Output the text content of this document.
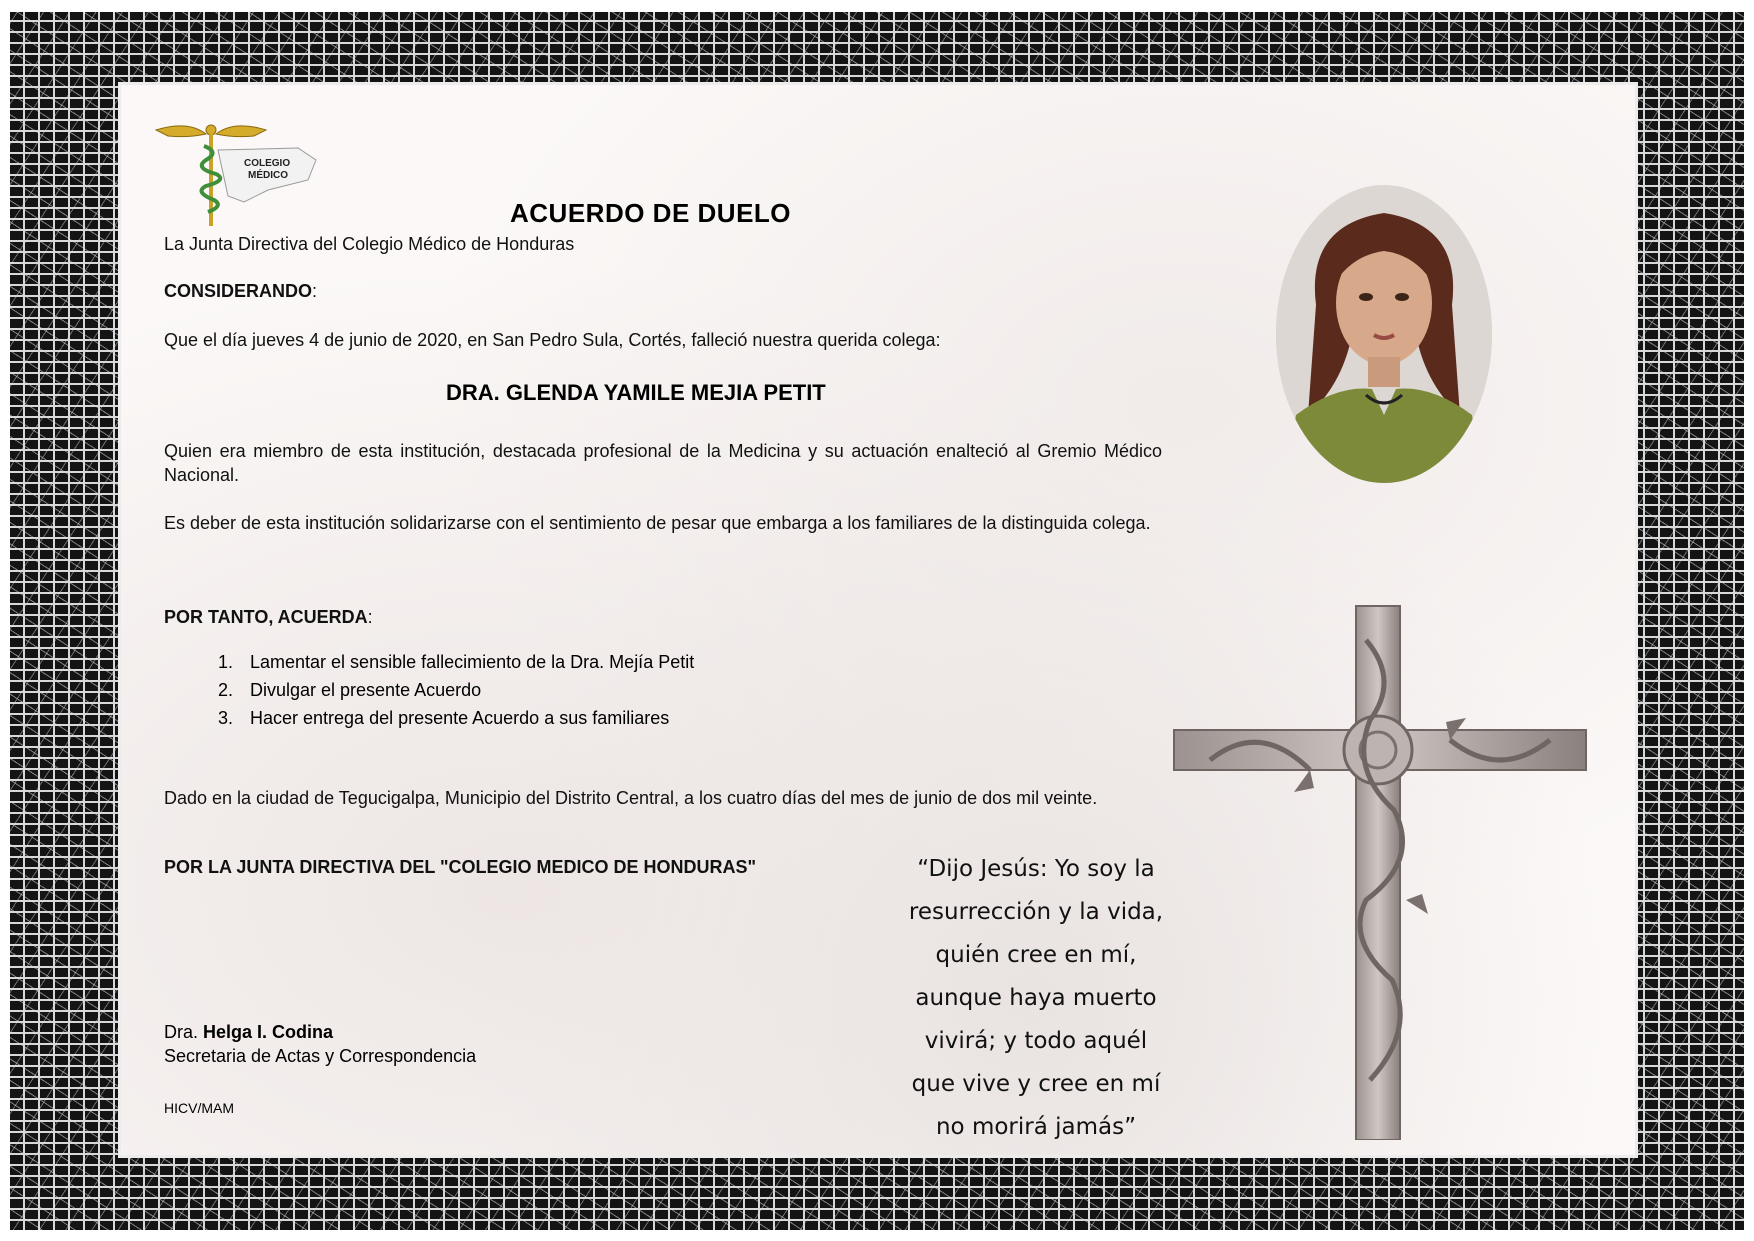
COLEGIO
MÉDICO
ACUERDO DE DUELO

La Junta Directiva del Colegio Médico de Honduras

CONSIDERANDO:

Que el día jueves 4 de junio de 2020, en San Pedro Sula, Cortés, falleció nuestra querida colega:

DRA. GLENDA YAMILE MEJIA PETIT

Quien era miembro de esta institución, destacada profesional de la Medicina y su actuación enalteció al Gremio Médico Nacional.

Es deber de esta institución solidarizarse con el sentimiento de pesar que embarga a los familiares de la distinguida colega.

POR TANTO, ACUERDA:

1. Lamentar el sensible fallecimiento de la Dra. Mejía Petit
2. Divulgar el presente Acuerdo
3. Hacer entrega del presente Acuerdo a sus familiares

Dado en la ciudad de Tegucigalpa, Municipio del Distrito Central, a los cuatro días del mes de junio de dos mil veinte.

POR LA JUNTA DIRECTIVA DEL "COLEGIO MEDICO DE HONDURAS"	“Dijo Jesús: Yo soy la resurrección y la vida, quién cree en mí, aunque haya muerto vivirá; y todo aquél que vive y cree en mí no morirá jamás”
Dra. Helga I. Codina
Secretaria de Actas y Correspondencia
HICV/MAM
